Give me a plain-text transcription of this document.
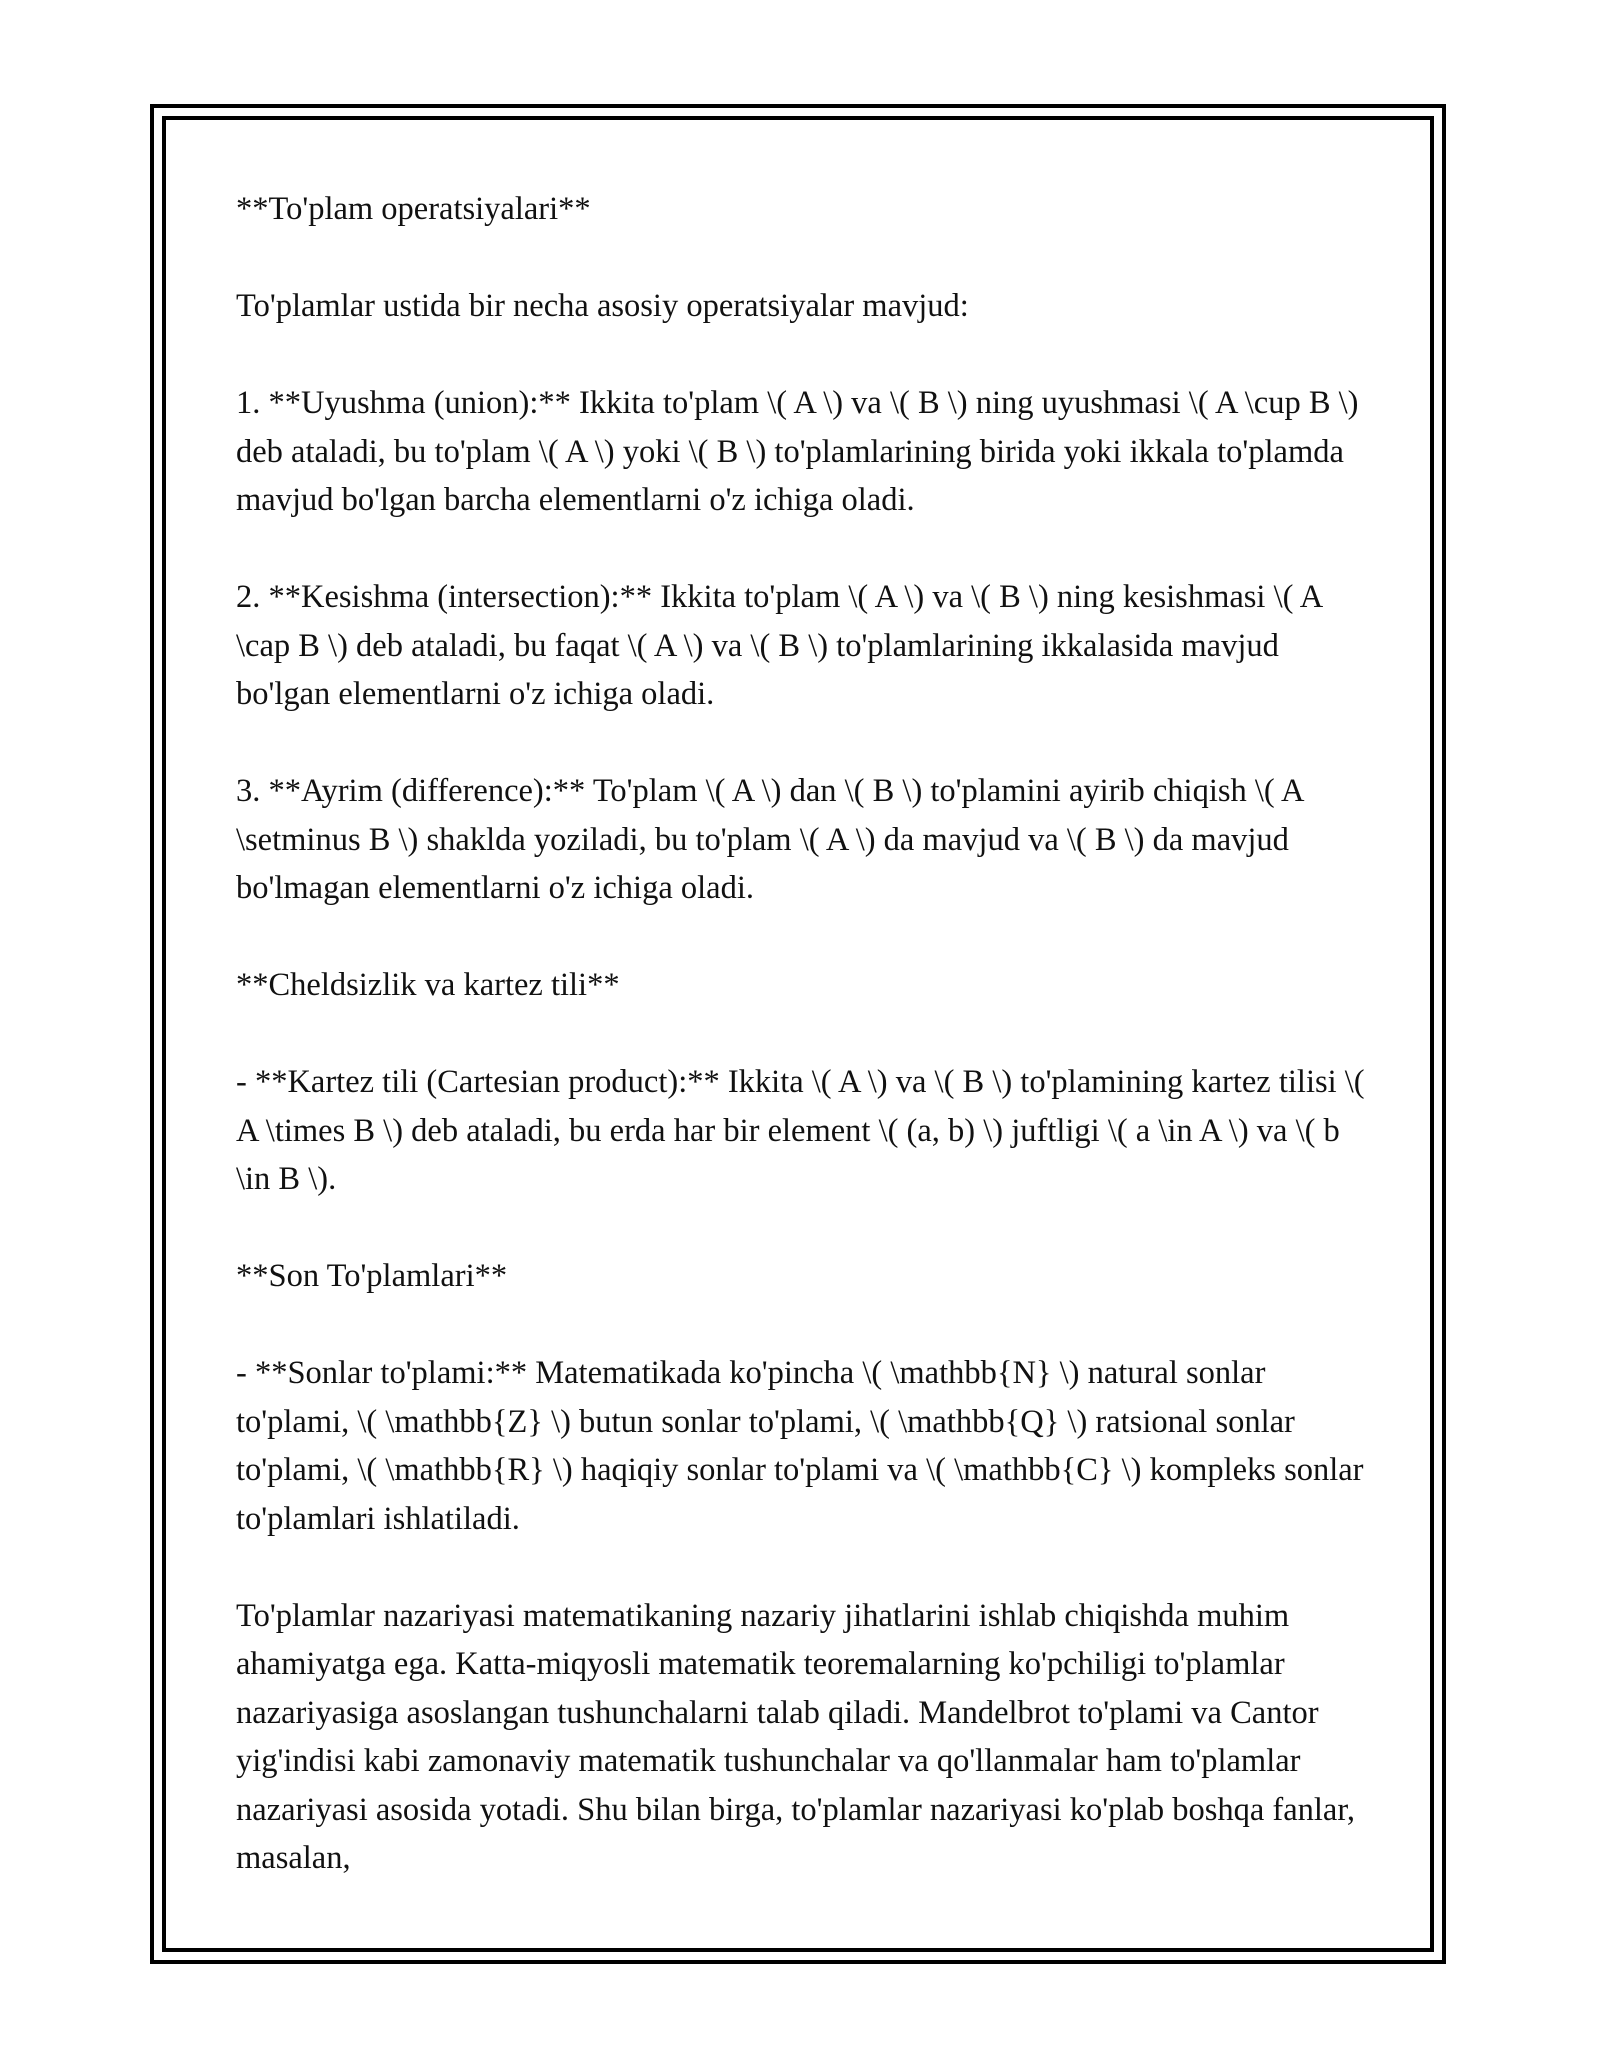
**To'plam operatsiyalari**

To'plamlar ustida bir necha asosiy operatsiyalar mavjud:

1. **Uyushma (union):** Ikkita to'plam \( A \) va \( B \) ning uyushmasi \( A \cup B \) deb ataladi, bu to'plam \( A \) yoki \( B \) to'plamlarining birida yoki ikkala to'plamda mavjud bo'lgan barcha elementlarni o'z ichiga oladi.

2. **Kesishma (intersection):** Ikkita to'plam \( A \) va \( B \) ning kesishmasi \( A \cap B \) deb ataladi, bu faqat \( A \) va \( B \) to'plamlarining ikkalasida mavjud bo'lgan elementlarni o'z ichiga oladi.

3. **Ayrim (difference):** To'plam \( A \) dan \( B \) to'plamini ayirib chiqish \( A \setminus B \) shaklda yoziladi, bu to'plam \( A \) da mavjud va \( B \) da mavjud bo'lmagan elementlarni o'z ichiga oladi.

**Cheldsizlik va kartez tili**

- **Kartez tili (Cartesian product):** Ikkita \( A \) va \( B \) to'plamining kartez tilisi \( A \times B \) deb ataladi, bu erda har bir element \( (a, b) \) juftligi \( a \in A \) va \( b \in B \).

**Son To'plamlari**

- **Sonlar to'plami:** Matematikada ko'pincha \( \mathbb{N} \) natural sonlar to'plami, \( \mathbb{Z} \) butun sonlar to'plami, \( \mathbb{Q} \) ratsional sonlar to'plami, \( \mathbb{R} \) haqiqiy sonlar to'plami va \( \mathbb{C} \) kompleks sonlar to'plamlari ishlatiladi.

To'plamlar nazariyasi matematikaning nazariy jihatlarini ishlab chiqishda muhim ahamiyatga ega. Katta-miqyosli matematik teoremalarning ko'pchiligi to'plamlar nazariyasiga asoslangan tushunchalarni talab qiladi. Mandelbrot to'plami va Cantor yig'indisi kabi zamonaviy matematik tushunchalar va qo'llanmalar ham to'plamlar nazariyasi asosida yotadi. Shu bilan birga, to'plamlar nazariyasi ko'plab boshqa fanlar, masalan,
